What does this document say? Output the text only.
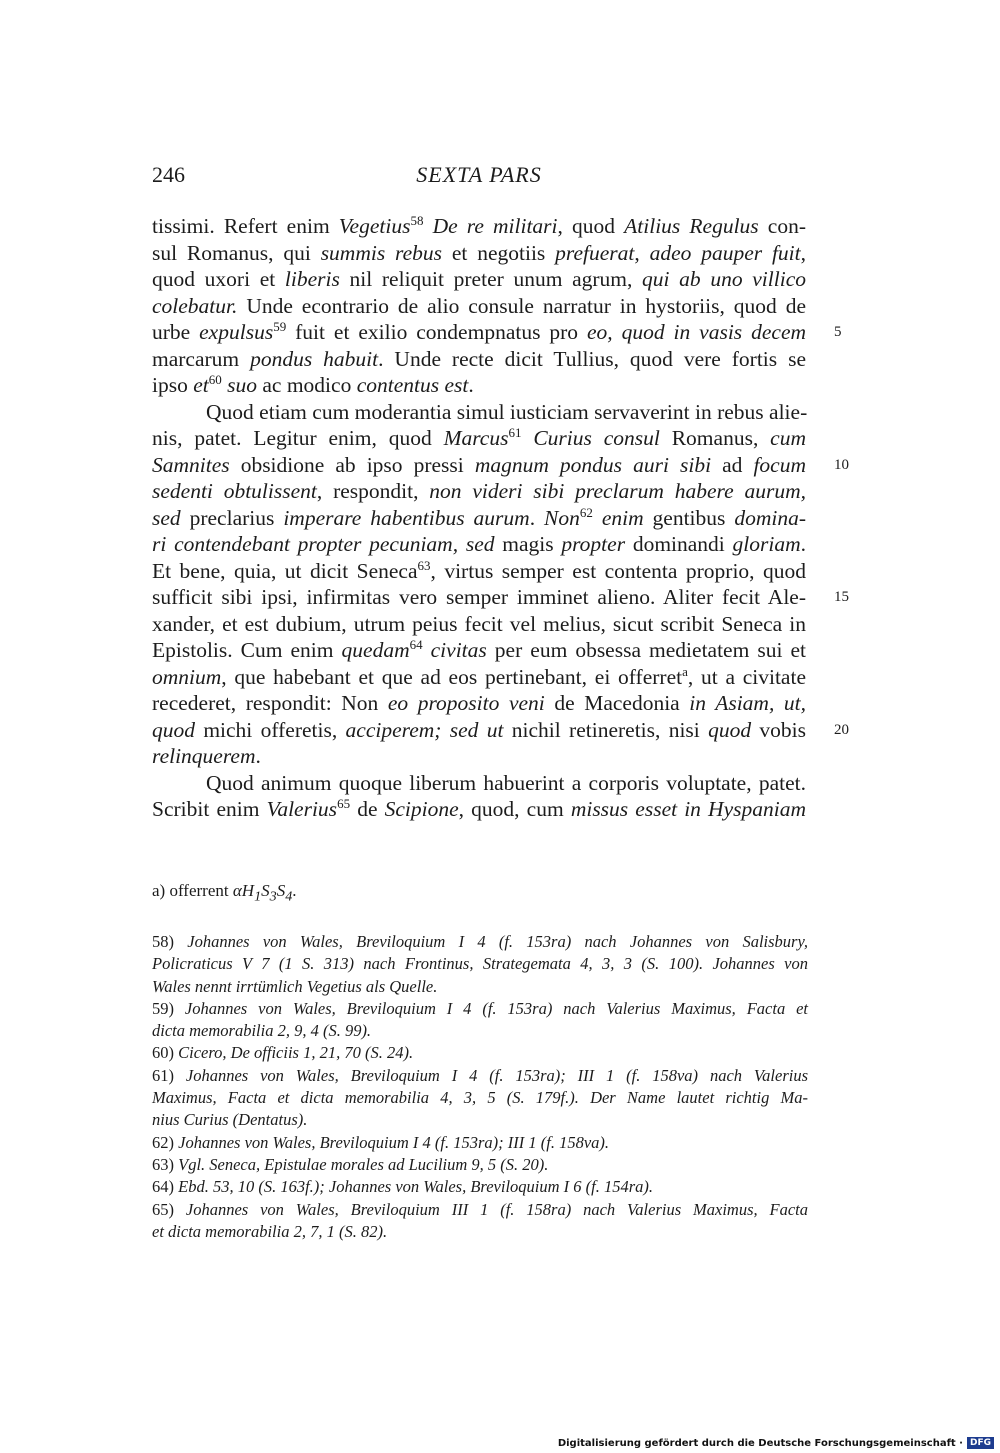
246	SEXTA PARS
tissimi. Refert enim Vegetius$^{58}$ De re militari, quod Atilius Regulus con-
sul Romanus, qui summis rebus et negotiis prefuerat, adeo pauper fuit,
quod uxori et liberis nil reliquit preter unum agrum, qui ab uno villico
colebatur. Unde econtrario de alio consule narratur in hystoriis, quod de
urbe expulsus$^{59}$ fuit et exilio condempnatus pro eo, quod in vasis decem 5
marcarum pondus habuit. Unde recte dicit Tullius, quod vere fortis se
ipso $et^{60}$ suo ac modico contentus est.
Quod etiam cum moderantia simul iusticiam servaverint in rebus alie-
nis, patet. Legitur enim, quod Marcus$^{61}$ Curius consul Romanus, cum
Samnites obsidione ab ipso pressi magnum pondus auri sibi ad focum 10
sedenti obtulissent, respondit, non videri sibi preclarum habere aurum,
sed preclarius imperare habentibus aurum. Non$^{62}$ enim gentibus domina-
ri contendebant propter pecuniam, sed magis propter dominandi gloriam.
Et bene, quia, ut dicit Seneca$^{63}$, virtus semper est contenta proprio, quod
sufficit sibi ipsi, infirmitas vero semper imminet alieno. Aliter fecit Ale- 15
xander, et est dubium, utrum peius fecit vel melius, sicut scribit Seneca in
Epistolis. Cum enim quedam$^{64}$ civitas per eum obsessa medietatem sui et
omnium, que habebant et que ad eos pertinebant, ei offerret$^a$, ut a civitate
recederet, respondit: Non eo proposito veni de Macedonia in Asiam, ut,
quod michi offeretis, acciperem; sed ut nichil retineretis, nisi quod vobis 20
relinquerem.
Quod animum quoque liberum habuerint a corporis voluptate, patet.
Scribit enim Valerius$^{65}$ de Scipione, quod, cum missus esset in Hyspaniam
a) offerrent $\alpha H_1S_3S_4$.
58) Johannes von Wales, Breviloquium I 4 (f. 153ra) nach Johannes von Salisbury,
Policraticus V 7 (1 S. 313) nach Frontinus, Strategemata 4, 3, 3 (S. 100). Johannes von
Wales nennt irrtümlich Vegetius als Quelle.
59) Johannes von Wales, Breviloquium I 4 (f. 153ra) nach Valerius Maximus, Facta et
dicta memorabilia 2, 9, 4 (S. 99).
60) Cicero, De officiis 1, 21, 70 (S. 24).
61) Johannes von Wales, Breviloquium I 4 (f. 153ra); III 1 (f. 158va) nach Valerius
Maximus, Facta et dicta memorabilia 4, 3, 5 (S. 179f.). Der Name lautet richtig Ma-
nius Curius (Dentatus).
62) Johannes von Wales, Breviloquium I 4 (f. 153ra); III 1 (f. 158va).
63) Vgl. Seneca, Epistulae morales ad Lucilium 9, 5 (S. 20).
64) Ebd. 53, 10 (S. 163f.); Johannes von Wales, Breviloquium I 6 (f. 154ra).
65) Johannes von Wales, Breviloquium III 1 (f. 158ra) nach Valerius Maximus, Facta
et dicta memorabilia 2, 7, 1 (S. 82).
Digitalisierung gefördert durch die Deutsche Forschungsgemeinschaft · DFG
